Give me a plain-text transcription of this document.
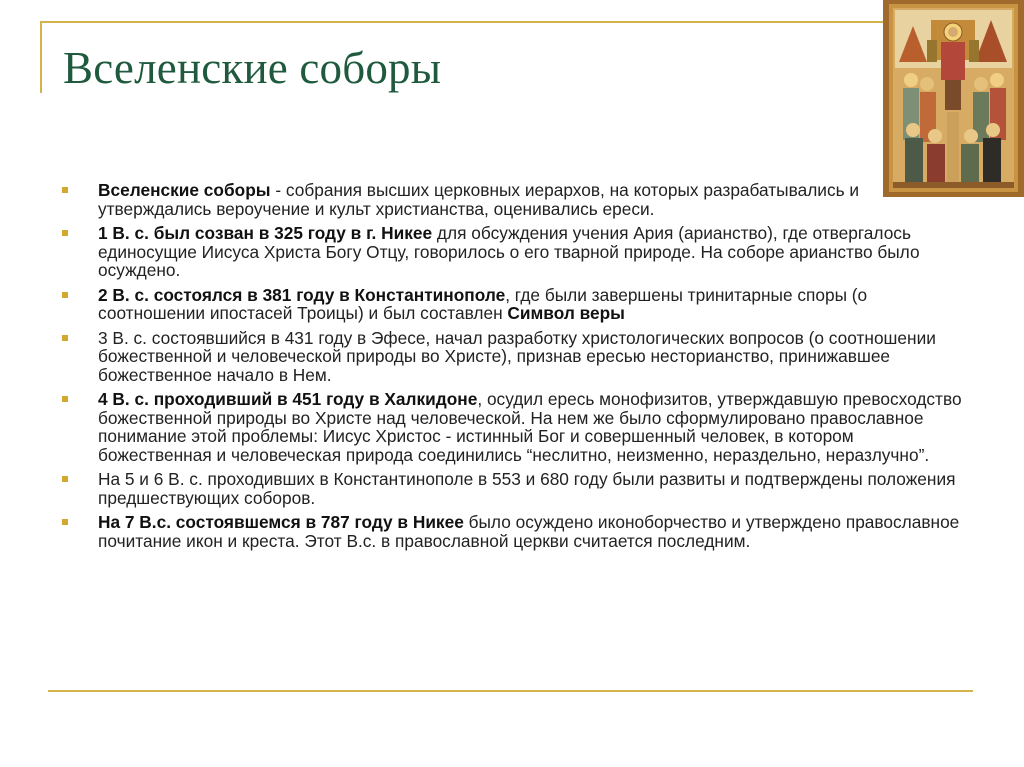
Вселенские соборы
Вселенские соборы - собрания высших церковных иерархов, на которых разрабатывались и утверждались вероучение и культ христианства, оценивались ереси.
1 В. с. был созван в 325 году в г. Никее для обсуждения учения Ария (арианство), где отвергалось единосущие Иисуса Христа Богу Отцу, говорилось о его тварной природе. На соборе арианство было осуждено.
2 В. с. состоялся в 381 году в Константинополе, где были завершены тринитарные споры (о соотношении ипостасей Троицы) и был составлен Символ веры
3 В. с. состоявшийся в 431 году в Эфесе, начал разработку христологических вопросов (о соотношении божественной и человеческой природы во Христе), признав ересью несторианство, принижавшее божественное начало в Нем.
4 В. с. проходивший в 451 году в Халкидоне, осудил ересь монофизитов, утверждавшую превосходство божественной природы во Христе над человеческой. На нем же было сформулировано православное понимание этой проблемы: Иисус Христос - истинный Бог и совершенный человек, в котором божественная и человеческая природа соединились “неслитно, неизменно, нераздельно, неразлучно”.
На 5 и 6 В. с. проходивших в Константинополе в 553 и 680 году были развиты и подтверждены положения предшествующих соборов.
На 7 В.с. состоявшемся в 787 году в Никее было осуждено иконоборчество и утверждено православное почитание икон и креста. Этот В.с. в православной церкви считается последним.
